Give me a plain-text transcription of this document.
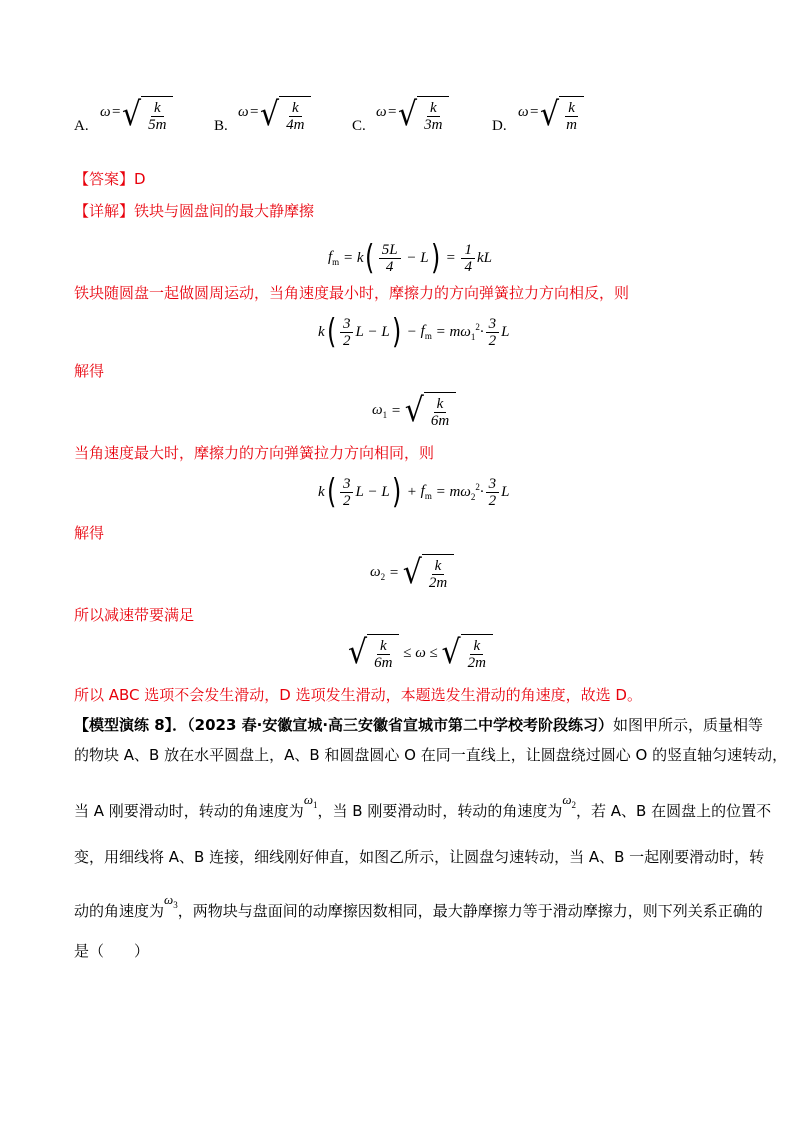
A.
ω = √ $\frac{k}{5m}$	B.
ω = √ $\frac{k}{4m}$	C.
ω = √ $\frac{k}{3m}$	D.
ω = √ $\frac{k}{m}$
【答案】D
【详解】铁块与圆盘间的最大静摩擦
$f_m = k$ ( $\frac{5L}{4} - L$ ) = $\frac{1}{4}$ kL
铁块随圆盘一起做圆周运动，当角速度最小时，摩擦力的方向弹簧拉力方向相反，则
k ( $\frac{3}{2}$ L − L ) − $f_m = m\omega_1^2 \cdot \frac{3}{2}$ L
解得
$\omega_1$ = √ $\frac{k}{6m}$
当角速度最大时，摩擦力的方向弹簧拉力方向相同，则
k ( $\frac{3}{2}$ L − L ) + $f_m = m\omega_2^2 \cdot \frac{3}{2}$ L
解得
$\omega_2$ = √ $\frac{k}{2m}$
所以减速带要满足
√ $\frac{k}{6m} \le \omega$ ≤ √ $\frac{k}{2m}$
所以 ABC 选项不会发生滑动，D 选项发生滑动，本题选发生滑动的角速度，故选 D。
【模型演练 8】．（2023 春·安徽宣城·高三安徽省宣城市第二中学校考阶段练习）如图甲所示，质量相等
的物块 A、B 放在水平圆盘上，A、B 和圆盘圆心 O 在同一直线上，让圆盘绕过圆心 O 的竖直轴匀速转动，
当 A 刚要滑动时，转动的角速度为$\omega_1$，当 B 刚要滑动时，转动的角速度为$\omega_2$，若 A、B 在圆盘上的位置不
变，用细线将 A、B 连接，细线刚好伸直，如图乙所示，让圆盘匀速转动，当 A、B 一起刚要滑动时，转
动的角速度为$\omega_3$，两物块与盘面间的动摩擦因数相同，最大静摩擦力等于滑动摩擦力，则下列关系正确的
是（　　）
